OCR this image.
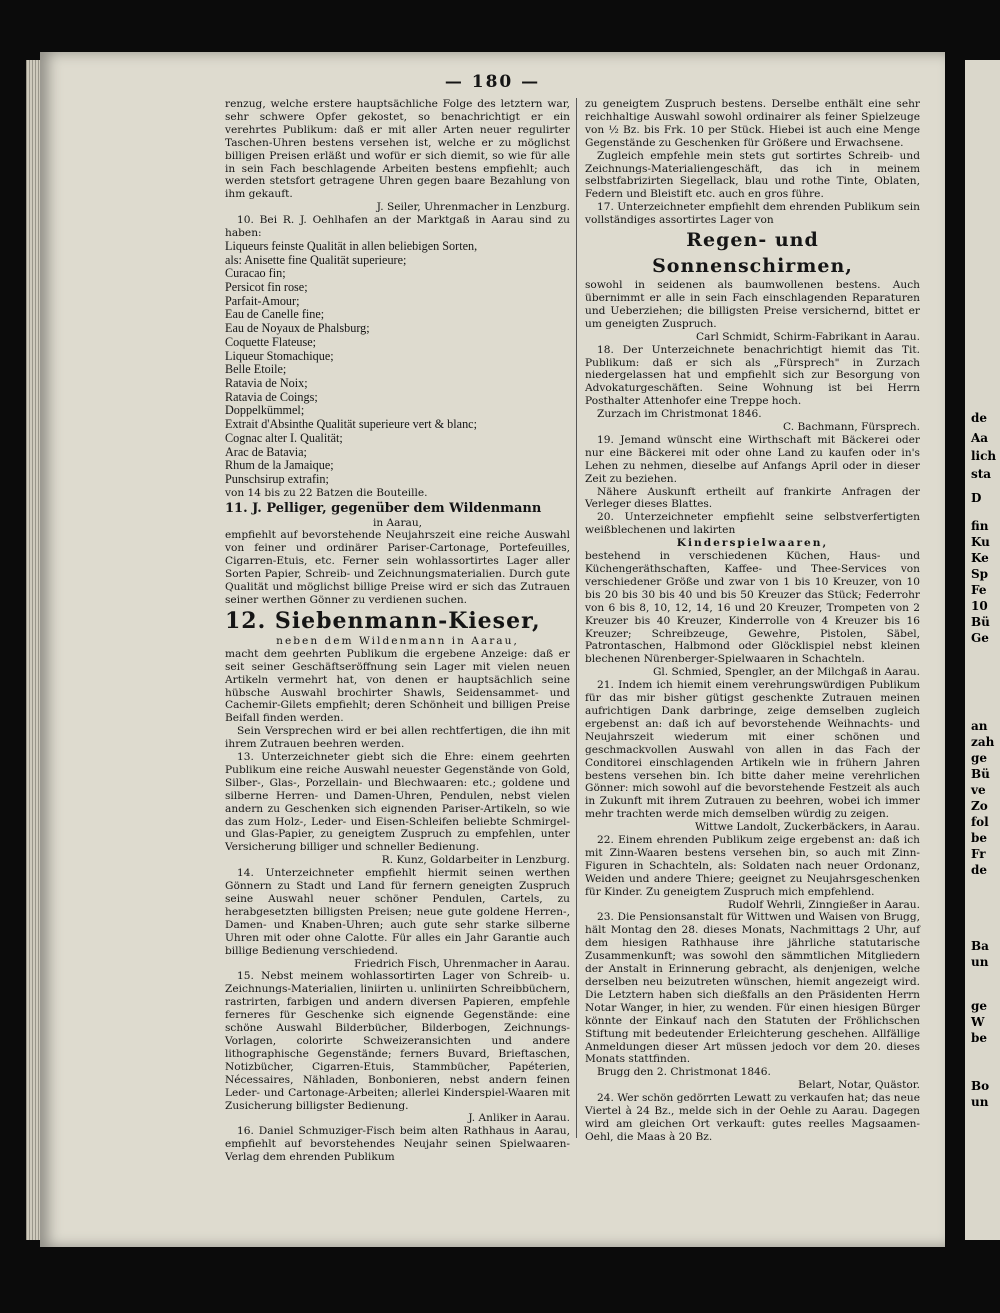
— 180 —

renzug, welche erstere hauptsächliche Folge des letztern war, sehr schwere Opfer gekostet, so benachrichtigt er ein verehrtes Publikum: daß er mit aller Arten neuer regulirter Taschen-Uhren bestens versehen ist, welche er zu möglichst billigen Preisen erläßt und wofür er sich diemit, so wie für alle in sein Fach beschlagende Arbeiten bestens empfiehlt; auch werden stetsfort getragene Uhren gegen baare Bezahlung von ihm gekauft.

J. Seiler, Uhrenmacher in Lenzburg.

10. Bei R. J. Oehlhafen an der Marktgaß in Aarau sind zu haben:

Liqueurs feinste Qualität in allen beliebigen Sorten,

als: Anisette fine Qualität superieure;

Curacao fin;

Persicot fin rose;

Parfait-Amour;

Eau de Canelle fine;

Eau de Noyaux de Phalsburg;

Coquette Flateuse;

Liqueur Stomachique;

Belle Etoile;

Ratavia de Noix;

Ratavia de Coings;

Doppelkümmel;

Extrait d'Absinthe Qualität superieure vert & blanc;

Cognac alter I. Qualität;

Arac de Batavia;

Rhum de la Jamaique;

Punschsirup extrafin;

von 14 bis zu 22 Batzen die Bouteille.

11. J. Pelliger, gegenüber dem Wildenmann

in Aarau,

empfiehlt auf bevorstehende Neujahrszeit eine reiche Auswahl von feiner und ordinärer Pariser-Cartonage, Portefeuilles, Cigarren-Etuis, etc. Ferner sein wohlassortirtes Lager aller Sorten Papier, Schreib- und Zeichnungsmaterialien. Durch gute Qualität und möglichst billige Preise wird er sich das Zutrauen seiner werthen Gönner zu verdienen suchen.

12. Siebenmann-Kieser,

neben dem Wildenmann in Aarau,

macht dem geehrten Publikum die ergebene Anzeige: daß er seit seiner Geschäftseröffnung sein Lager mit vielen neuen Artikeln vermehrt hat, von denen er hauptsächlich seine hübsche Auswahl brochirter Shawls, Seidensammet- und Cachemir-Gilets empfiehlt; deren Schönheit und billigen Preise Beifall finden werden.

Sein Versprechen wird er bei allen rechtfertigen, die ihn mit ihrem Zutrauen beehren werden.

13. Unterzeichneter giebt sich die Ehre: einem geehrten Publikum eine reiche Auswahl neuester Gegenstände von Gold, Silber-, Glas-, Porzellain- und Blechwaaren: etc.; goldene und silberne Herren- und Damen-Uhren, Pendulen, nebst vielen andern zu Geschenken sich eignenden Pariser-Artikeln, so wie das zum Holz-, Leder- und Eisen-Schleifen beliebte Schmirgel- und Glas-Papier, zu geneigtem Zuspruch zu empfehlen, unter Versicherung billiger und schneller Bedienung.

R. Kunz, Goldarbeiter in Lenzburg.

14. Unterzeichneter empfiehlt hiermit seinen werthen Gönnern zu Stadt und Land für fernern geneigten Zuspruch seine Auswahl neuer schöner Pendulen, Cartels, zu herabgesetzten billigsten Preisen; neue gute goldene Herren-, Damen- und Knaben-Uhren; auch gute sehr starke silberne Uhren mit oder ohne Calotte. Für alles ein Jahr Garantie auch billige Bedienung verschiedend.

Friedrich Fisch, Uhrenmacher in Aarau.

15. Nebst meinem wohlassortirten Lager von Schreib- u. Zeichnungs-Materialien, liniirten u. unliniirten Schreibbüchern, rastrirten, farbigen und andern diversen Papieren, empfehle ferneres für Geschenke sich eignende Gegenstände: eine schöne Auswahl Bilderbücher, Bilderbogen, Zeichnungs-Vorlagen, colorirte Schweizeransichten und andere lithographische Gegenstände; ferners Buvard, Brieftaschen, Notizbücher, Cigarren-Etuis, Stammbücher, Papéterien, Nécessaires, Nähladen, Bonbonieren, nebst andern feinen Leder- und Cartonage-Arbeiten; allerlei Kinderspiel-Waaren mit Zusicherung billigster Bedienung.

J. Anliker in Aarau.

16. Daniel Schmuziger-Fisch beim alten Rathhaus in Aarau, empfiehlt auf bevorstehendes Neujahr seinen Spielwaaren-Verlag dem ehrenden Publikum

zu geneigtem Zuspruch bestens. Derselbe enthält eine sehr reichhaltige Auswahl sowohl ordinairer als feiner Spielzeuge von ½ Bz. bis Frk. 10 per Stück. Hiebei ist auch eine Menge Gegenstände zu Geschenken für Größere und Erwachsene.

Zugleich empfehle mein stets gut sortirtes Schreib- und Zeichnungs-Materialiengeschäft, das ich in meinem selbstfabrizirten Siegellack, blau und rothe Tinte, Oblaten, Federn und Bleistift etc. auch en gros führe.

17. Unterzeichneter empfiehlt dem ehrenden Publikum sein vollständiges assortirtes Lager von

Regen- und Sonnenschirmen,

sowohl in seidenen als baumwollenen bestens. Auch übernimmt er alle in sein Fach einschlagenden Reparaturen und Ueberziehen; die billigsten Preise versichernd, bittet er um geneigten Zuspruch.

Carl Schmidt, Schirm-Fabrikant in Aarau.

18. Der Unterzeichnete benachrichtigt hiemit das Tit. Publikum: daß er sich als „Fürsprech" in Zurzach niedergelassen hat und empfiehlt sich zur Besorgung von Advokaturgeschäften. Seine Wohnung ist bei Herrn Posthalter Attenhofer eine Treppe hoch.

Zurzach im Christmonat 1846.

C. Bachmann, Fürsprech.

19. Jemand wünscht eine Wirthschaft mit Bäckerei oder nur eine Bäckerei mit oder ohne Land zu kaufen oder in's Lehen zu nehmen, dieselbe auf Anfangs April oder in dieser Zeit zu beziehen.

Nähere Auskunft ertheilt auf frankirte Anfragen der Verleger dieses Blattes.

20. Unterzeichneter empfiehlt seine selbstverfertigten weißblechenen und lakirten

Kinderspielwaaren,

bestehend in verschiedenen Küchen, Haus- und Küchengeräthschaften, Kaffee- und Thee-Services von verschiedener Größe und zwar von 1 bis 10 Kreuzer, von 10 bis 20 bis 30 bis 40 und bis 50 Kreuzer das Stück; Federrohr von 6 bis 8, 10, 12, 14, 16 und 20 Kreuzer, Trompeten von 2 Kreuzer bis 40 Kreuzer, Kinderrolle von 4 Kreuzer bis 16 Kreuzer; Schreibzeuge, Gewehre, Pistolen, Säbel, Patrontaschen, Halbmond oder Glöcklispiel nebst kleinen blechenen Nürenberger-Spielwaaren in Schachteln.

Gl. Schmied, Spengler, an der Milchgaß in Aarau.

21. Indem ich hiemit einem verehrungswürdigen Publikum für das mir bisher gütigst geschenkte Zutrauen meinen aufrichtigen Dank darbringe, zeige demselben zugleich ergebenst an: daß ich auf bevorstehende Weihnachts- und Neujahrszeit wiederum mit einer schönen und geschmackvollen Auswahl von allen in das Fach der Conditorei einschlagenden Artikeln wie in frühern Jahren bestens versehen bin. Ich bitte daher meine verehrlichen Gönner: mich sowohl auf die bevorstehende Festzeit als auch in Zukunft mit ihrem Zutrauen zu beehren, wobei ich immer mehr trachten werde mich demselben würdig zu zeigen.

Wittwe Landolt, Zuckerbäckers, in Aarau.

22. Einem ehrenden Publikum zeige ergebenst an: daß ich mit Zinn-Waaren bestens versehen bin, so auch mit Zinn-Figuren in Schachteln, als: Soldaten nach neuer Ordonanz, Weiden und andere Thiere; geeignet zu Neujahrsgeschenken für Kinder. Zu geneigtem Zuspruch mich empfehlend.

Rudolf Wehrli, Zinngießer in Aarau.

23. Die Pensionsanstalt für Wittwen und Waisen von Brugg, hält Montag den 28. dieses Monats, Nachmittags 2 Uhr, auf dem hiesigen Rathhause ihre jährliche statutarische Zusammenkunft; was sowohl den sämmtlichen Mitgliedern der Anstalt in Erinnerung gebracht, als denjenigen, welche derselben neu beizutreten wünschen, hiemit angezeigt wird. Die Letztern haben sich dießfalls an den Präsidenten Herrn Notar Wanger, in hier, zu wenden. Für einen hiesigen Bürger könnte der Einkauf nach den Statuten der Fröhlichschen Stiftung mit bedeutender Erleichterung geschehen. Allfällige Anmeldungen dieser Art müssen jedoch vor dem 20. dieses Monats stattfinden.

Brugg den 2. Christmonat 1846.

Belart, Notar, Quästor.

24. Wer schön gedörrten Lewatt zu verkaufen hat; das neue Viertel à 24 Bz., melde sich in der Oehle zu Aarau. Dagegen wird am gleichen Ort verkauft: gutes reelles Magsaamen-Oehl, die Maas à 20 Bz.

de
Aa
lich
sta
D
fin
Ku
Ke
Sp
Fe
10
Bü
Ge
an
zah
ge
Bü
ve
Zo
fol
be
Fr
de
Ba
un
ge
W
be
Bo
un
